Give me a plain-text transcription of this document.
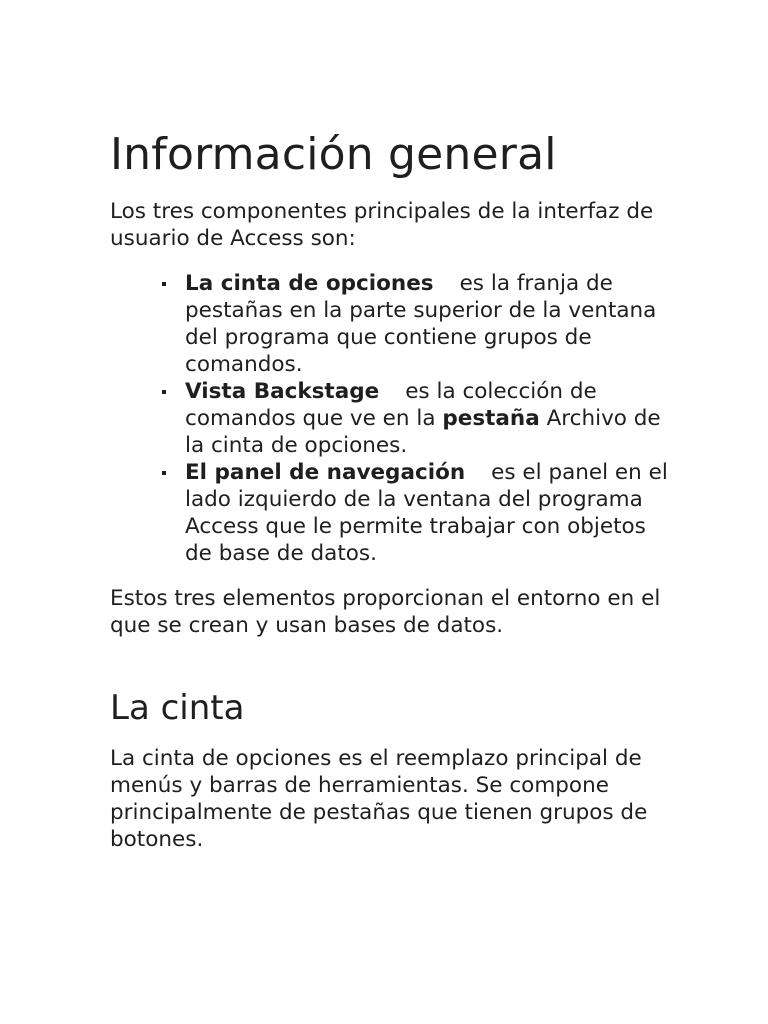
Información general

Los tres componentes principales de la interfaz de usuario de Access son:

La cinta de opciones es la franja de pestañas en la parte superior de la ventana del programa que contiene grupos de comandos.
Vista Backstage es la colección de comandos que ve en la pestaña Archivo de la cinta de opciones.
El panel de navegación es el panel en el lado izquierdo de la ventana del programa Access que le permite trabajar con objetos de base de datos.

Estos tres elementos proporcionan el entorno en el que se crean y usan bases de datos.

La cinta

La cinta de opciones es el reemplazo principal de menús y barras de herramientas. Se compone principalmente de pestañas que tienen grupos de botones.
